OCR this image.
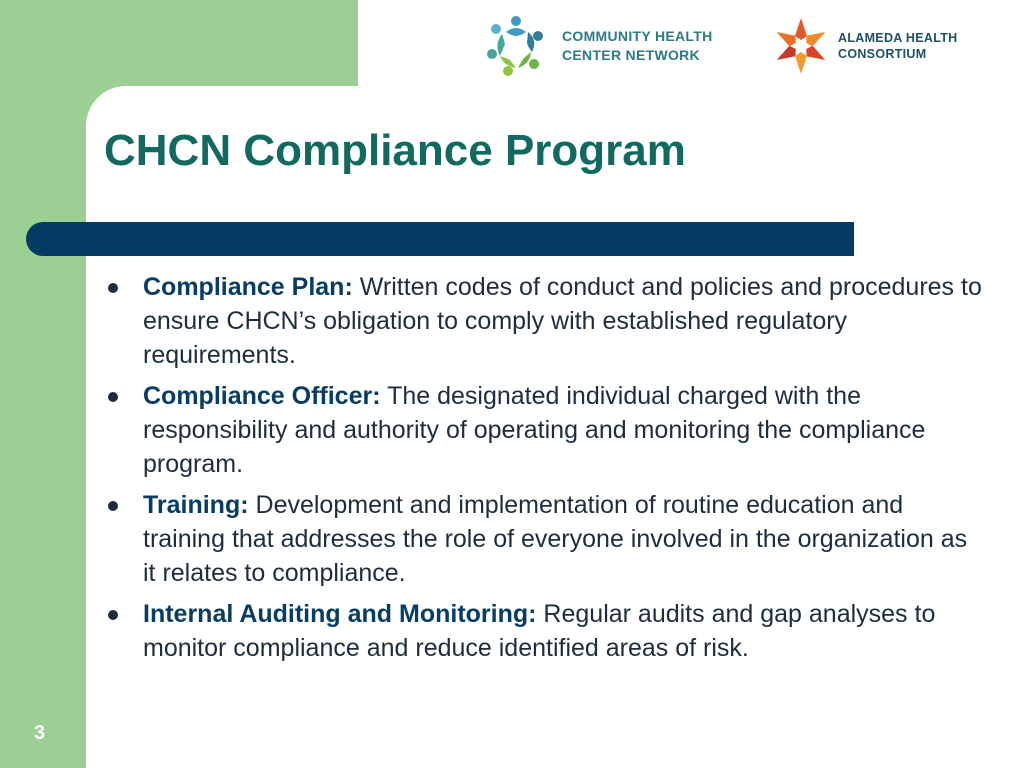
COMMUNITY HEALTH
CENTER NETWORK
ALAMEDA HEALTH
CONSORTIUM
CHCN Compliance Program
Compliance Plan: Written codes of conduct and policies and procedures to ensure CHCN’s obligation to comply with established regulatory requirements.
Compliance Officer: The designated individual charged with the responsibility and authority of operating and monitoring the compliance program.
Training: Development and implementation of routine education and training that addresses the role of everyone involved in the organization as it relates to compliance.
Internal Auditing and Monitoring: Regular audits and gap analyses to monitor compliance and reduce identified areas of risk.
3
